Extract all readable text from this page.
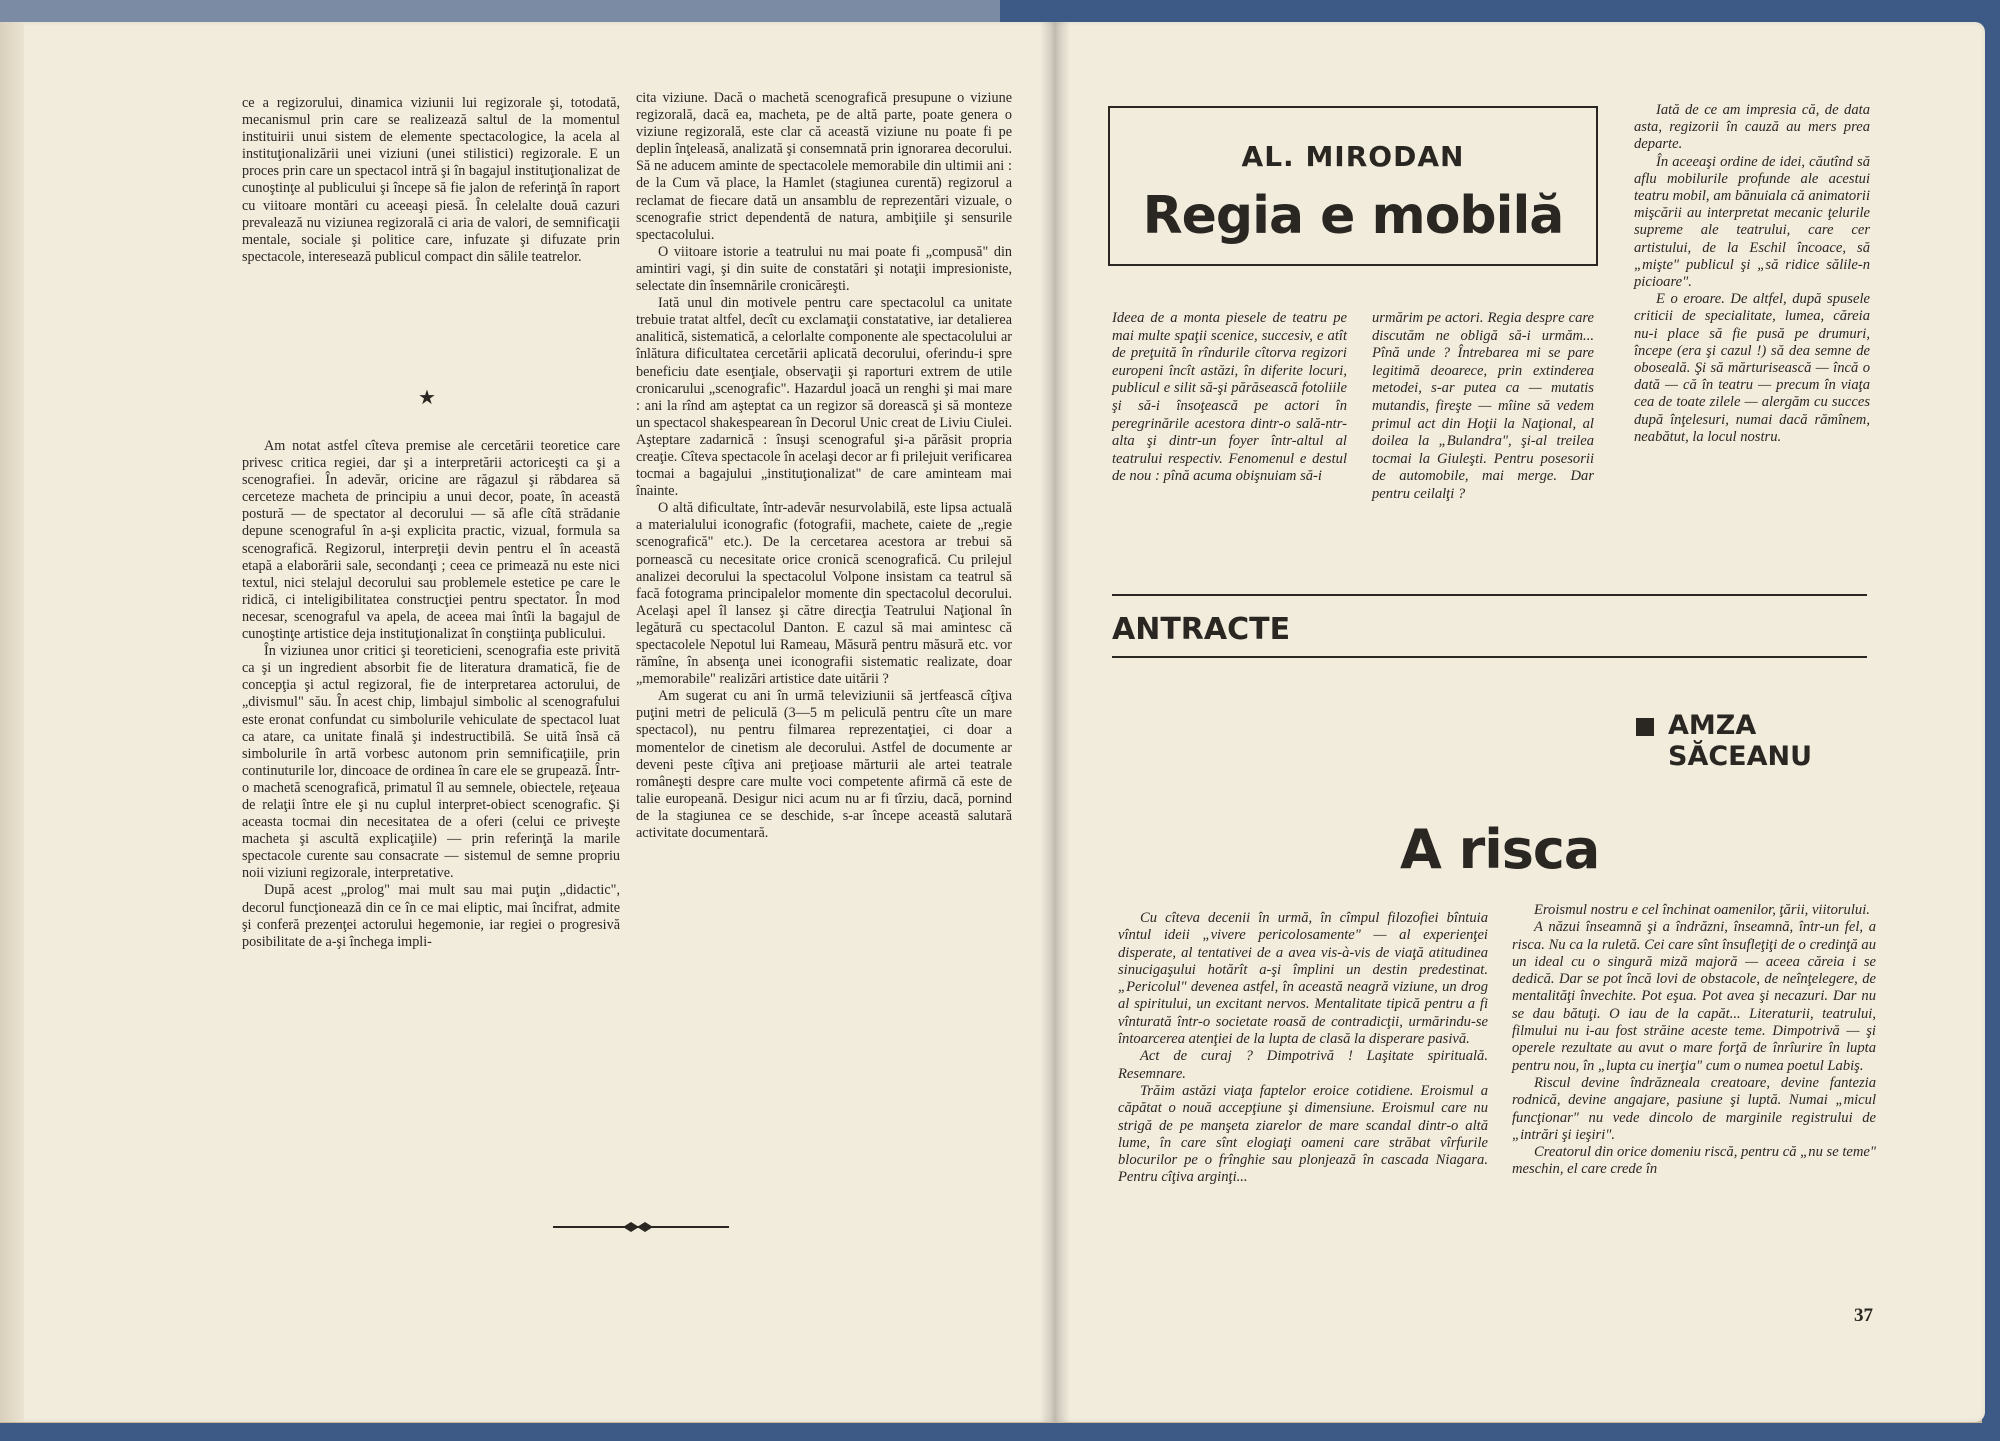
ce a regizorului, dinamica viziunii lui regizorale şi, totodată, mecanismul prin care se realizează saltul de la momentul instituirii unui sistem de elemente spectacologice, la acela al instituţionalizării unei viziuni (unei stilistici) regizorale. E un proces prin care un spectacol intră şi în bagajul instituţionalizat de cunoştinţe al publicului şi începe să fie jalon de referinţă în raport cu viitoare montări cu aceeaşi piesă. În celelalte două cazuri prevalează nu viziunea regizorală ci aria de valori, de semnificaţii mentale, sociale şi politice care, infuzate şi difuzate prin spectacole, interesează publicul compact din sălile teatrelor.

★

Am notat astfel cîteva premise ale cercetării teoretice care privesc critica regiei, dar şi a interpretării actoriceşti ca şi a scenografiei. În adevăr, oricine are răgazul şi răbdarea să cerceteze macheta de principiu a unui decor, poate, în această postură — de spectator al decorului — să afle cîtă strădanie depune scenograful în a-şi explicita practic, vizual, formula sa scenografică. Regizorul, interpreţii devin pentru el în această etapă a elaborării sale, secondanţi ; ceea ce primează nu este nici textul, nici stelajul decorului sau problemele estetice pe care le ridică, ci inteligibilitatea construcţiei pentru spectator. În mod necesar, scenograful va apela, de aceea mai întîi la bagajul de cunoştinţe artistice deja instituţionalizat în conştiinţa publicului.

În viziunea unor critici şi teoreticieni, scenografia este privită ca şi un ingredient absorbit fie de literatura dramatică, fie de concepţia şi actul regizoral, fie de interpretarea actorului, de „divismul" său. În acest chip, limbajul simbolic al scenografului este eronat confundat cu simbolurile vehiculate de spectacol luat ca atare, ca unitate finală şi indestructibilă. Se uită însă că simbolurile în artă vorbesc autonom prin semnificaţiile, prin continuturile lor, dincoace de ordinea în care ele se grupează. Într-o machetă scenografică, primatul îl au semnele, obiectele, reţeaua de relaţii între ele şi nu cuplul interpret-obiect scenografic. Şi aceasta tocmai din necesitatea de a oferi (celui ce priveşte macheta şi ascultă explicaţiile) — prin referinţă la marile spectacole curente sau consacrate — sistemul de semne propriu noii viziuni regizorale, interpretative.

După acest „prolog" mai mult sau mai puţin „didactic", decorul funcţionează din ce în ce mai eliptic, mai încifrat, admite şi conferă prezenţei actorului hegemonie, iar regiei o progresivă posibilitate de a-şi închega impli-

cita viziune. Dacă o machetă scenografică presupune o viziune regizorală, dacă ea, macheta, pe de altă parte, poate genera o viziune regizorală, este clar că această viziune nu poate fi pe deplin înţeleasă, analizată şi consemnată prin ignorarea decorului. Să ne aducem aminte de spectacolele memorabile din ultimii ani : de la Cum vă place, la Hamlet (stagiunea curentă) regizorul a reclamat de fiecare dată un ansamblu de reprezentări vizuale, o scenografie strict dependentă de natura, ambiţiile şi sensurile spectacolului.

O viitoare istorie a teatrului nu mai poate fi „compusă" din amintiri vagi, şi din suite de constatări şi notaţii impresioniste, selectate din însemnările cronicăreşti.

Iată unul din motivele pentru care spectacolul ca unitate trebuie tratat altfel, decît cu exclamaţii constatative, iar detalierea analitică, sistematică, a celorlalte componente ale spectacolului ar înlătura dificultatea cercetării aplicată decorului, oferindu-i spre beneficiu date esenţiale, observaţii şi raporturi extrem de utile cronicarului „scenografic". Hazardul joacă un renghi şi mai mare : ani la rînd am aşteptat ca un regizor să dorească şi să monteze un spectacol shakespearean în Decorul Unic creat de Liviu Ciulei. Aşteptare zadarnică : însuşi scenograful şi-a părăsit propria creaţie. Cîteva spectacole în acelaşi decor ar fi prilejuit verificarea tocmai a bagajului „instituţionalizat" de care aminteam mai înainte.

O altă dificultate, într-adevăr nesurvolabilă, este lipsa actuală a materialului iconografic (fotografii, machete, caiete de „regie scenografică" etc.). De la cercetarea acestora ar trebui să pornească cu necesitate orice cronică scenografică. Cu prilejul analizei decorului la spectacolul Volpone insistam ca teatrul să facă fotograma principalelor momente din spectacolul decorului. Acelaşi apel îl lansez şi către direcţia Teatrului Naţional în legătură cu spectacolul Danton. E cazul să mai amintesc că spectacolele Nepotul lui Rameau, Măsură pentru măsură etc. vor rămîne, în absenţa unei iconografii sistematic realizate, doar „memorabile" realizări artistice date uitării ?

Am sugerat cu ani în urmă televiziunii să jertfească cîţiva puţini metri de peliculă (3—5 m peliculă pentru cîte un mare spectacol), nu pentru filmarea reprezentaţiei, ci doar a momentelor de cinetism ale decorului. Astfel de documente ar deveni peste cîţiva ani preţioase mărturii ale artei teatrale româneşti despre care multe voci competente afirmă că este de talie europeană. Desigur nici acum nu ar fi tîrziu, dacă, pornind de la stagiunea ce se deschide, s-ar începe această salutară activitate documentară.

AL. MIRODAN
Regia e mobilă

Ideea de a monta piesele de teatru pe mai multe spaţii scenice, succesiv, e atît de preţuită în rîndurile cîtorva regizori europeni încît astăzi, în diferite locuri, publicul e silit să-şi părăsească fotoliile şi să-i însoţească pe actori în peregrinările acestora dintr-o sală-ntr-alta şi dintr-un foyer într-altul al teatrului respectiv. Fenomenul e destul de nou : pînă acuma obişnuiam să-i

urmărim pe actori. Regia desprе care discutăm ne obligă să-i urmăm... Pînă unde ? Întrebarea mi se pare legitimă deoarece, prin extinderea metodei, s-ar putea ca — mutatis mutandis, fireşte — mîine să vedem primul act din Hoţii la Naţional, al doilea la „Bulandra", şi-al treilea tocmai la Giuleşti. Pentru posesorii de automobile, mai merge. Dar pentru ceilalţi ?

Iată de ce am impresia că, de data asta, regizorii în cauză au mers prea departe.

În aceeaşi ordine de idei, căutînd să aflu mobilurile profunde ale acestui teatru mobil, am bănuiala că animatorii mişcării au interpretat mecanic ţelurile supreme ale teatrului, care cer artistului, de la Eschil încoace, să „mişte" publicul şi „să ridice sălile-n picioare".

E o eroare. De altfel, după spusele criticii de specialitate, lumea, căreia nu-i place să fie pusă pe drumuri, începe (era şi cazul !) să dea semne de oboseală. Şi să mărturisească — încă o dată — că în teatru — precum în viaţa cea de toate zilele — alergăm cu succes după înţelesuri, numai dacă rămînem, neabătut, la locul nostru.

ANTRACTE
AMZA
SĂCEANU
A risca

Cu cîteva decenii în urmă, în cîmpul filozofiei bîntuia vîntul ideii „vivere pericolosamente" — al experienţei disperate, al tentativei de a avea vis-à-vis de viaţă atitudinea sinucigaşului hotărît a-şi împlini un destin predestinat. „Pericolul" devenea astfel, în această neagră viziune, un drog al spiritului, un excitant nervos. Mentalitate tipică pentru a fi vînturată într-o societate roasă de contradicţii, urmărindu-se întoarcerea atenţiei de la lupta de clasă la disperare pasivă.

Act de curaj ? Dimpotrivă ! Laşitate spirituală. Resemnare.

Trăim astăzi viaţa faptelor eroice cotidiene. Eroismul a căpătat o nouă accepţiune şi dimensiune. Eroismul care nu strigă de pe manşeta ziarelor de mare scandal dintr-o altă lume, în care sînt elogiaţi oameni care străbat vîrfurile blocurilor pe o frînghie sau plonjează în cascada Niagara. Pentru cîţiva arginţi...

Eroismul nostru e cel închinat oamenilor, ţării, viitorului.

A năzui înseamnă şi a îndrăzni, înseamnă, într-un fel, a risca. Nu ca la ruletă. Cei care sînt însufleţiţi de o credinţă au un ideal cu o singură miză majoră — aceea căreia i se dedică. Dar se pot încă lovi de obstacole, de neînţelegere, de mentalităţi învechite. Pot eşua. Pot avea şi necazuri. Dar nu se dau bătuţi. O iau de la capăt... Literaturii, teatrului, filmului nu i-au fost străine aceste teme. Dimpotrivă — şi operele rezultate au avut o mare forţă de înrîurire în lupta pentru nou, în „lupta cu inerţia" cum o numea poetul Labiş.

Riscul devine îndrăzneala creatoare, devine fantezia rodnică, devine angajare, pasiune şi luptă. Numai „micul funcţionar" nu vede dincolo de marginile registrului de „intrări şi ieşiri".

Creatorul din orice domeniu riscă, pentru că „nu se teme" meschin, el care crede în

37
